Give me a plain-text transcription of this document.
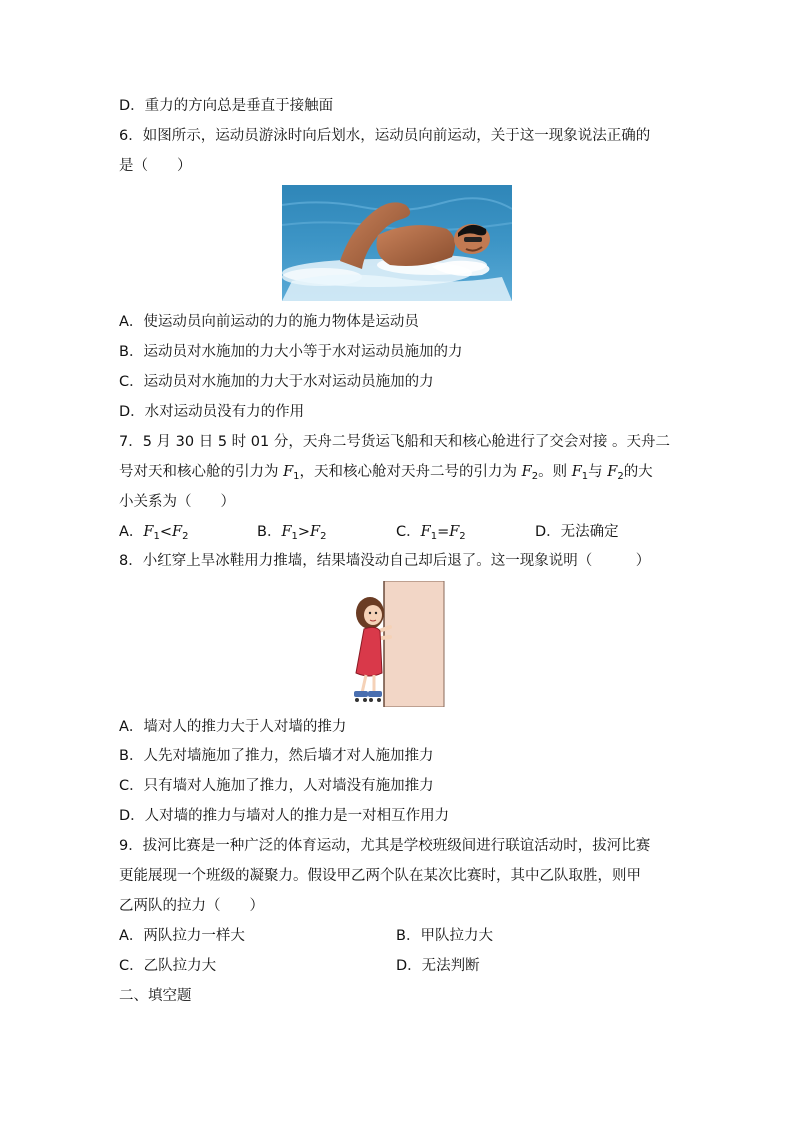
D．重力的方向总是垂直于接触面
6．如图所示，运动员游泳时向后划水，运动员向前运动，关于这一现象说法正确的
是（　　）
A．使运动员向前运动的力的施力物体是运动员
B．运动员对水施加的力大小等于水对运动员施加的力
C．运动员对水施加的力大于水对运动员施加的力
D．水对运动员没有力的作用
7．5 月 30 日 5 时 01 分，天舟二号货运飞船和天和核心舱进行了交会对接 。天舟二
号对天和核心舱的引力为 $F_1$，天和核心舱对天舟二号的引力为 $F_2$。则 $F_1$与 $F_2$的大
小关系为（　　）
A．$F_1<F_2$	B．$F_1>F_2$	C．$F_1=F_2$	D．无法确定
8．小红穿上旱冰鞋用力推墙，结果墙没动自己却后退了。这一现象说明（　　　）
A．墙对人的推力大于人对墙的推力
B．人先对墙施加了推力，然后墙才对人施加推力
C．只有墙对人施加了推力，人对墙没有施加推力
D．人对墙的推力与墙对人的推力是一对相互作用力
9．拔河比赛是一种广泛的体育运动，尤其是学校班级间进行联谊活动时，拔河比赛
更能展现一个班级的凝聚力。假设甲乙两个队在某次比赛时，其中乙队取胜，则甲
乙两队的拉力（　　）
A．两队拉力一样大	B．甲队拉力大
C．乙队拉力大	D．无法判断
二、填空题
